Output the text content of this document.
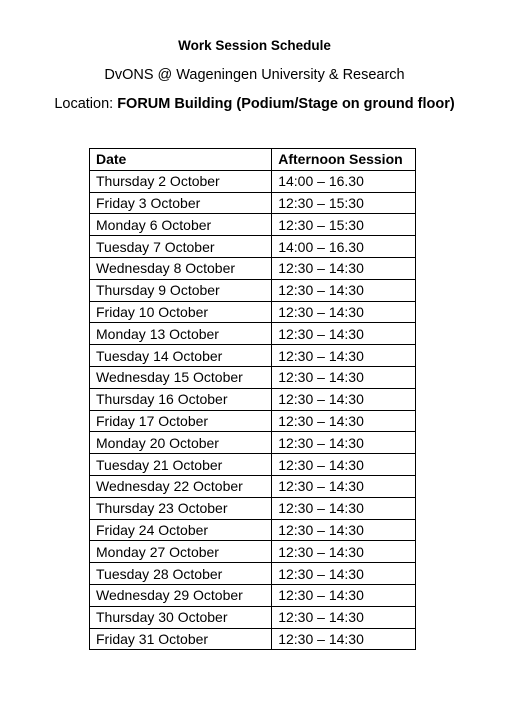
Work Session Schedule
DvONS @ Wageningen University & Research
Location: FORUM Building (Podium/Stage on ground floor)
Date	Afternoon Session
Thursday 2 October	14:00 – 16.30
Friday 3 October	12:30 – 15:30
Monday 6 October	12:30 – 15:30
Tuesday 7 October	14:00 – 16.30
Wednesday 8 October	12:30 – 14:30
Thursday 9 October	12:30 – 14:30
Friday 10 October	12:30 – 14:30
Monday 13 October	12:30 – 14:30
Tuesday 14 October	12:30 – 14:30
Wednesday 15 October	12:30 – 14:30
Thursday 16 October	12:30 – 14:30
Friday 17 October	12:30 – 14:30
Monday 20 October	12:30 – 14:30
Tuesday 21 October	12:30 – 14:30
Wednesday 22 October	12:30 – 14:30
Thursday 23 October	12:30 – 14:30
Friday 24 October	12:30 – 14:30
Monday 27 October	12:30 – 14:30
Tuesday 28 October	12:30 – 14:30
Wednesday 29 October	12:30 – 14:30
Thursday 30 October	12:30 – 14:30
Friday 31 October	12:30 – 14:30
